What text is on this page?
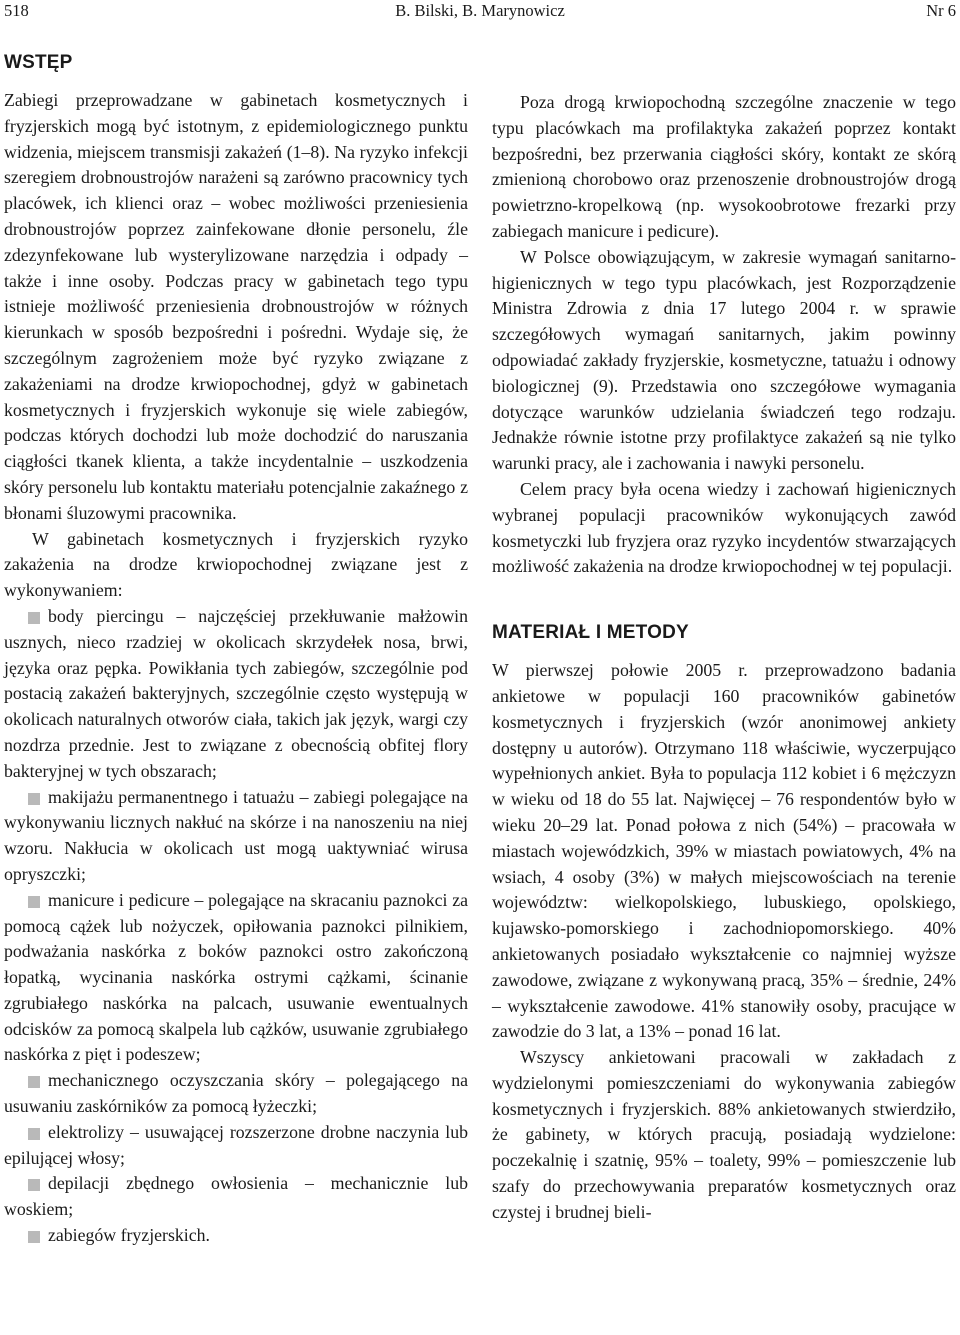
518	B. Bilski, B. Marynowicz	Nr 6
WSTĘP

Zabiegi przeprowadzane w gabinetach kosmetycznych i fryzjerskich mogą być istotnym, z epidemiologicznego punktu widzenia, miejscem transmisji zakażeń (1–8). Na ryzyko infekcji szeregiem drobnoustrojów narażeni są zarówno pracownicy tych placówek, ich klienci oraz – wobec możliwości przeniesienia drobnoustrojów poprzez zainfekowane dłonie personelu, źle zdezynfekowane lub wysterylizowane narzędzia i odpady – także i inne osoby. Podczas pracy w gabinetach tego typu istnieje możliwość przeniesienia drobnoustrojów w różnych kierunkach w sposób bezpośredni i pośredni. Wydaje się, że szczególnym zagrożeniem może być ryzyko związane z zakażeniami na drodze krwiopochodnej, gdyż w gabinetach kosmetycznych i fryzjerskich wykonuje się wiele zabiegów, podczas których dochodzi lub może dochodzić do naruszania ciągłości tkanek klienta, a także incydentalnie – uszkodzenia skóry personelu lub kontaktu materiału potencjalnie zakaźnego z błonami śluzowymi pracownika.

W gabinetach kosmetycznych i fryzjerskich ryzyko zakażenia na drodze krwiopochodnej związane jest z wykonywaniem:

body piercingu – najczęściej przekłuwanie małżowin usznych, nieco rzadziej w okolicach skrzydełek nosa, brwi, języka oraz pępka. Powikłania tych zabiegów, szczególnie pod postacią zakażeń bakteryjnych, szczególnie często występują w okolicach naturalnych otworów ciała, takich jak język, wargi czy nozdrza przednie. Jest to związane z obecnością obfitej flory bakteryjnej w tych obszarach;

makijażu permanentnego i tatuażu – zabiegi polegające na wykonywaniu licznych nakłuć na skórze i na nanoszeniu na niej wzoru. Nakłucia w okolicach ust mogą uaktywniać wirusa opryszczki;

manicure i pedicure – polegające na skracaniu paznokci za pomocą cążek lub nożyczek, opiłowania paznokci pilnikiem, podważania naskórka z boków paznokci ostro zakończoną łopatką, wycinania naskórka ostrymi cążkami, ścinanie zgrubiałego naskórka na palcach, usuwanie ewentualnych odcisków za pomocą skalpela lub cążków, usuwanie zgrubiałego naskórka z pięt i podeszew;

mechanicznego oczyszczania skóry – polegającego na usuwaniu zaskórników za pomocą łyżeczki;

elektrolizy – usuwającej rozszerzone drobne naczynia lub epilującej włosy;

depilacji zbędnego owłosienia – mechanicznie lub woskiem;

zabiegów fryzjerskich.

Poza drogą krwiopochodną szczególne znaczenie w tego typu placówkach ma profilaktyka zakażeń poprzez kontakt bezpośredni, bez przerwania ciągłości skóry, kontakt ze skórą zmienioną chorobowo oraz przenoszenie drobnoustrojów drogą powietrzno-kropelkową (np. wysokoobrotowe frezarki przy zabiegach manicure i pedicure).

W Polsce obowiązującym, w zakresie wymagań sanitarno-higienicznych w tego typu placówkach, jest Rozporządzenie Ministra Zdrowia z dnia 17 lutego 2004 r. w sprawie szczegółowych wymagań sanitarnych, jakim powinny odpowiadać zakłady fryzjerskie, kosmetyczne, tatuażu i odnowy biologicznej (9). Przedstawia ono szczegółowe wymagania dotyczące warunków udzielania świadczeń tego rodzaju. Jednakże równie istotne przy profilaktyce zakażeń są nie tylko warunki pracy, ale i zachowania i nawyki personelu.

Celem pracy była ocena wiedzy i zachowań higienicznych wybranej populacji pracowników wykonujących zawód kosmetyczki lub fryzjera oraz ryzyko incydentów stwarzających możliwość zakażenia na drodze krwiopochodnej w tej populacji.

MATERIAŁ I METODY

W pierwszej połowie 2005 r. przeprowadzono badania ankietowe w populacji 160 pracowników gabinetów kosmetycznych i fryzjerskich (wzór anonimowej ankiety dostępny u autorów). Otrzymano 118 właściwie, wyczerpująco wypełnionych ankiet. Była to populacja 112 kobiet i 6 mężczyzn w wieku od 18 do 55 lat. Najwięcej – 76 respondentów było w wieku 20–29 lat. Ponad połowa z nich (54%) – pracowała w miastach wojewódzkich, 39% w miastach powiatowych, 4% na wsiach, 4 osoby (3%) w małych miejscowościach na terenie województw: wielkopolskiego, lubuskiego, opolskiego, kujawsko-pomorskiego i zachodniopomorskiego. 40% ankietowanych posiadało wykształcenie co najmniej wyższe zawodowe, związane z wykonywaną pracą, 35% – średnie, 24% – wykształcenie zawodowe. 41% stanowiły osoby, pracujące w zawodzie do 3 lat, a 13% – ponad 16 lat.

Wszyscy ankietowani pracowali w zakładach z wydzielonymi pomieszczeniami do wykonywania zabiegów kosmetycznych i fryzjerskich. 88% ankietowanych stwierdziło, że gabinety, w których pracują, posiadają wydzielone: poczekalnię i szatnię, 95% – toalety, 99% – pomieszczenie lub szafy do przechowywania preparatów kosmetycznych oraz czystej i brudnej bieli-
